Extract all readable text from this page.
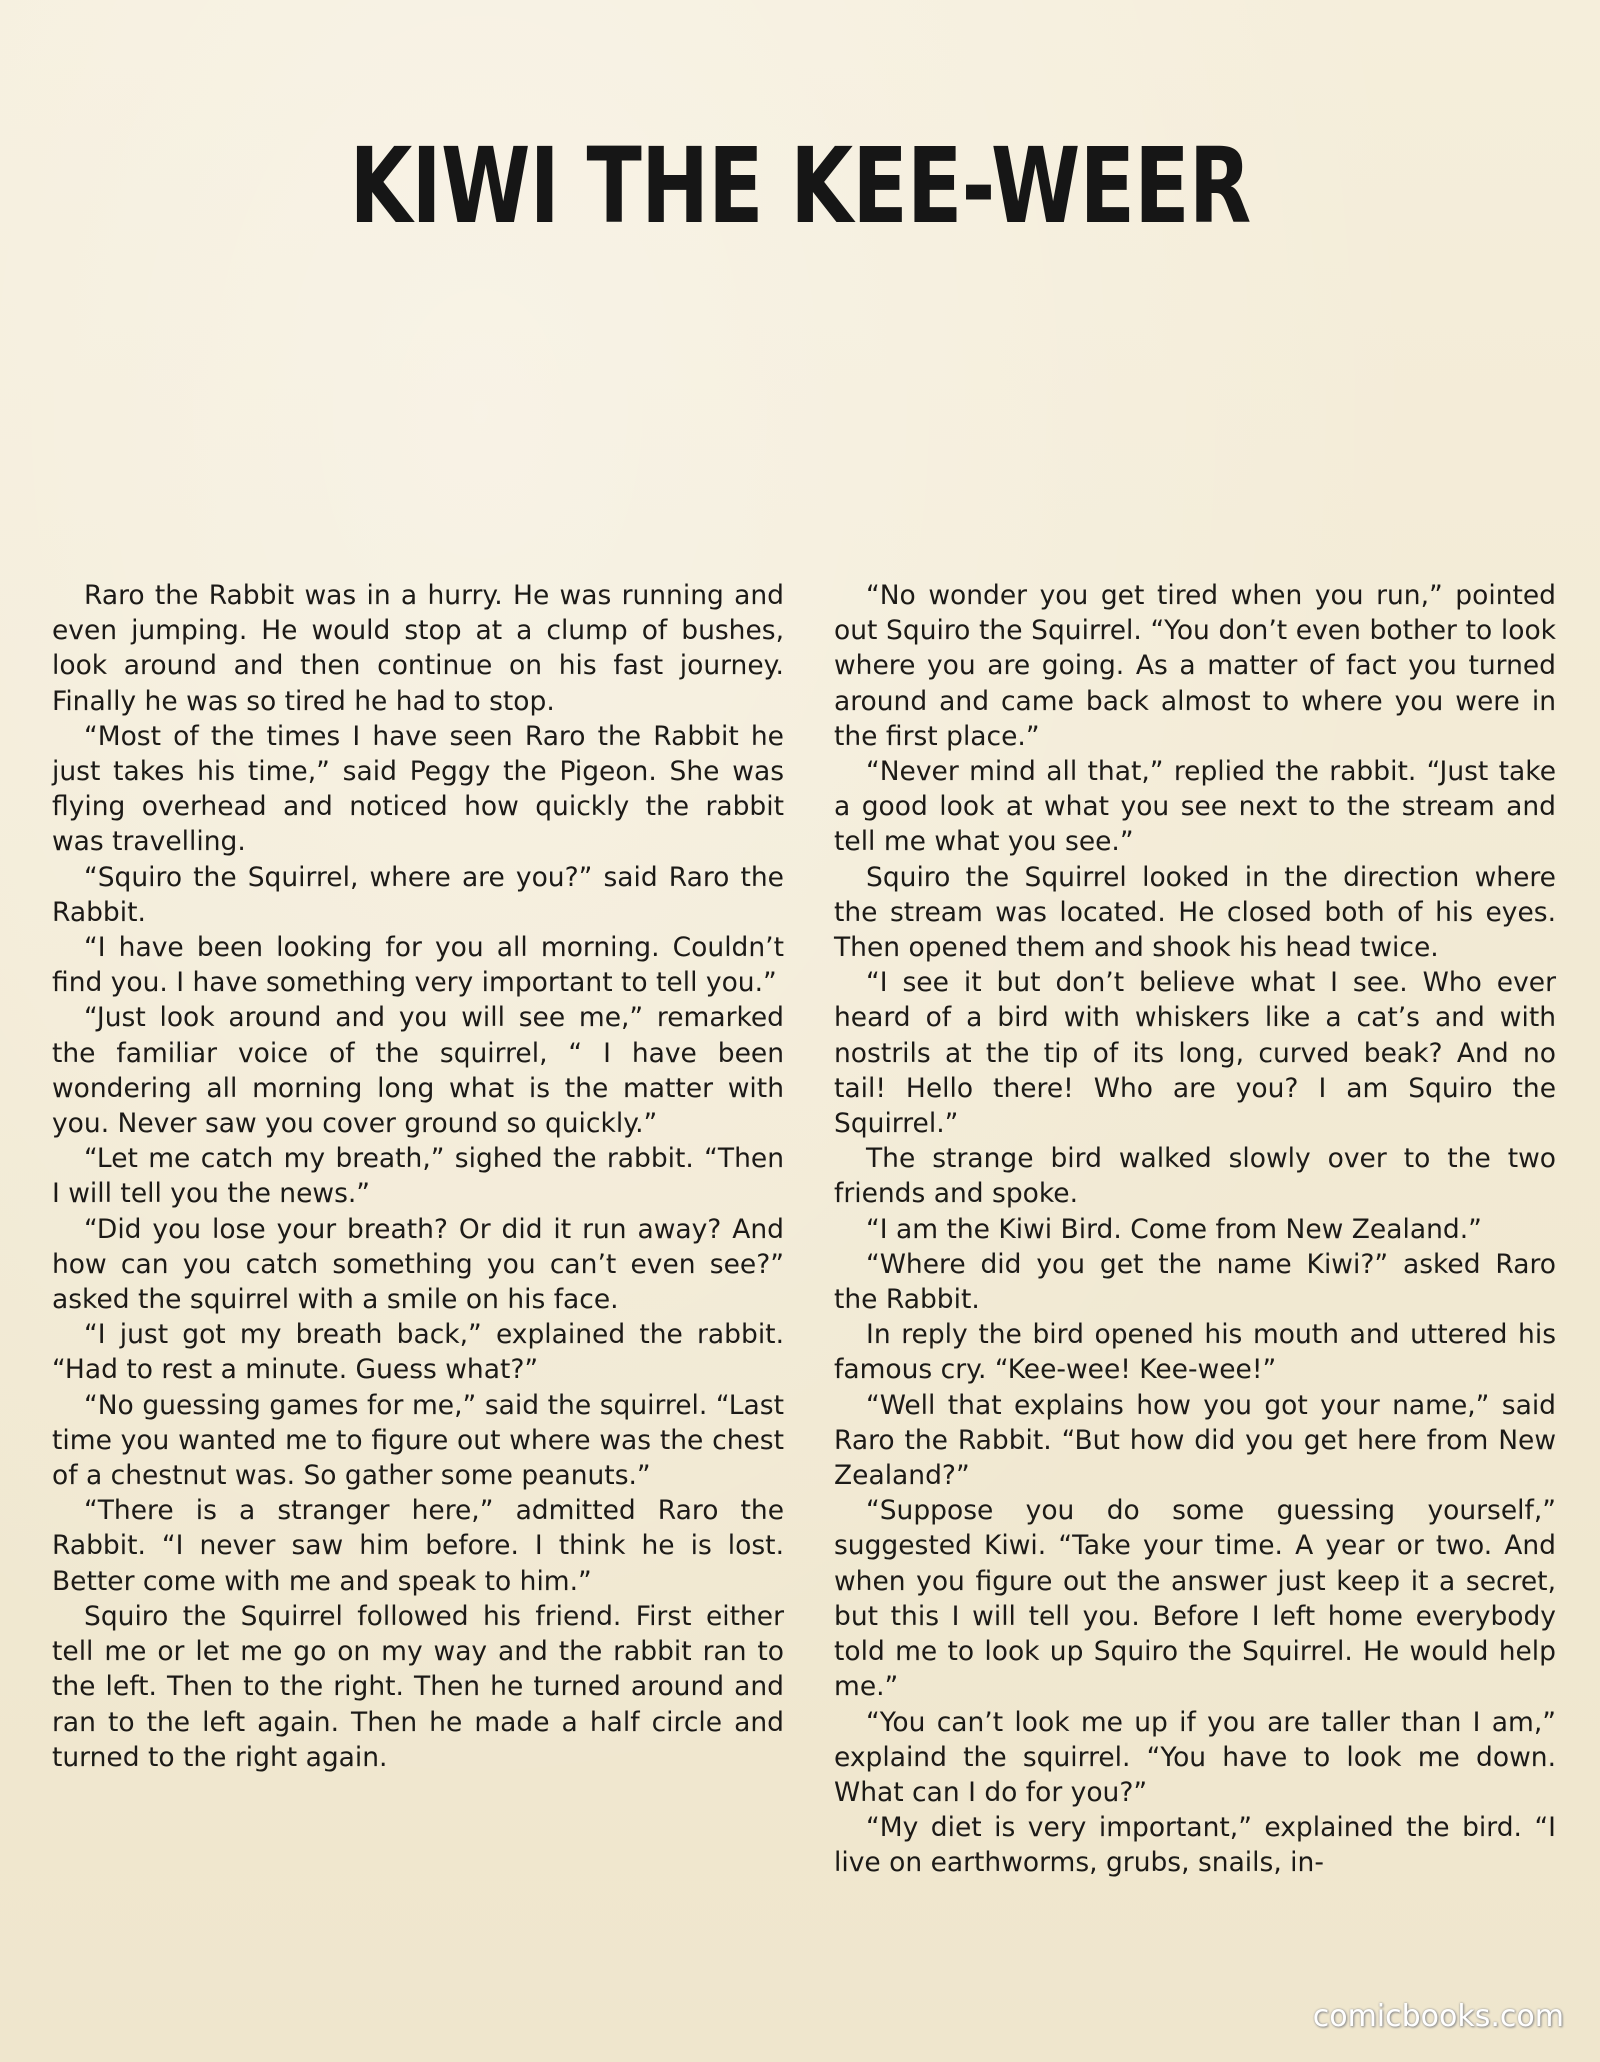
KIWI THE KEE-WEER

Raro the Rabbit was in a hurry. He was running and even jumping. He would stop at a clump of bushes, look around and then continue on his fast journey. Finally he was so tired he had to stop.

“Most of the times I have seen Raro the Rabbit he just takes his time,” said Peggy the Pigeon. She was flying overhead and noticed how quickly the rabbit was travelling.

“Squiro the Squirrel, where are you?” said Raro the Rabbit.

“I have been looking for you all morning. Couldn’t find you. I have something very important to tell you.”

“Just look around and you will see me,” remarked the familiar voice of the squirrel, “ I have been wondering all morning long what is the matter with you. Never saw you cover ground so quickly.”

“Let me catch my breath,” sighed the rabbit. “Then I will tell you the news.”

“Did you lose your breath? Or did it run away? And how can you catch something you can’t even see?” asked the squirrel with a smile on his face.

“I just got my breath back,” explained the rabbit. “Had to rest a minute. Guess what?”

“No guessing games for me,” said the squirrel. “Last time you wanted me to figure out where was the chest of a chestnut was. So gather some peanuts.”

“There is a stranger here,” admitted Raro the Rabbit. “I never saw him before. I think he is lost. Better come with me and speak to him.”

Squiro the Squirrel followed his friend. First either tell me or let me go on my way and the rabbit ran to the left. Then to the right. Then he turned around and ran to the left again. Then he made a half circle and turned to the right again.

“No wonder you get tired when you run,” pointed out Squiro the Squirrel. “You don’t even bother to look where you are going. As a matter of fact you turned around and came back almost to where you were in the first place.”

“Never mind all that,” replied the rabbit. “Just take a good look at what you see next to the stream and tell me what you see.”

Squiro the Squirrel looked in the direction where the stream was located. He closed both of his eyes. Then opened them and shook his head twice.

“I see it but don’t believe what I see. Who ever heard of a bird with whiskers like a cat’s and with nostrils at the tip of its long, curved beak? And no tail! Hello there! Who are you? I am Squiro the Squirrel.”

The strange bird walked slowly over to the two friends and spoke.

“I am the Kiwi Bird. Come from New Zealand.”

“Where did you get the name Kiwi?” asked Raro the Rabbit.

In reply the bird opened his mouth and uttered his famous cry. “Kee-wee! Kee-wee!”

“Well that explains how you got your name,” said Raro the Rabbit. “But how did you get here from New Zealand?”

“Suppose you do some guessing yourself,” suggested Kiwi. “Take your time. A year or two. And when you figure out the answer just keep it a secret, but this I will tell you. Before I left home everybody told me to look up Squiro the Squirrel. He would help me.”

“You can’t look me up if you are taller than I am,” explaind the squirrel. “You have to look me down. What can I do for you?”

“My diet is very important,” explained the bird. “I live on earthworms, grubs, snails, in-

comicbooks.com
